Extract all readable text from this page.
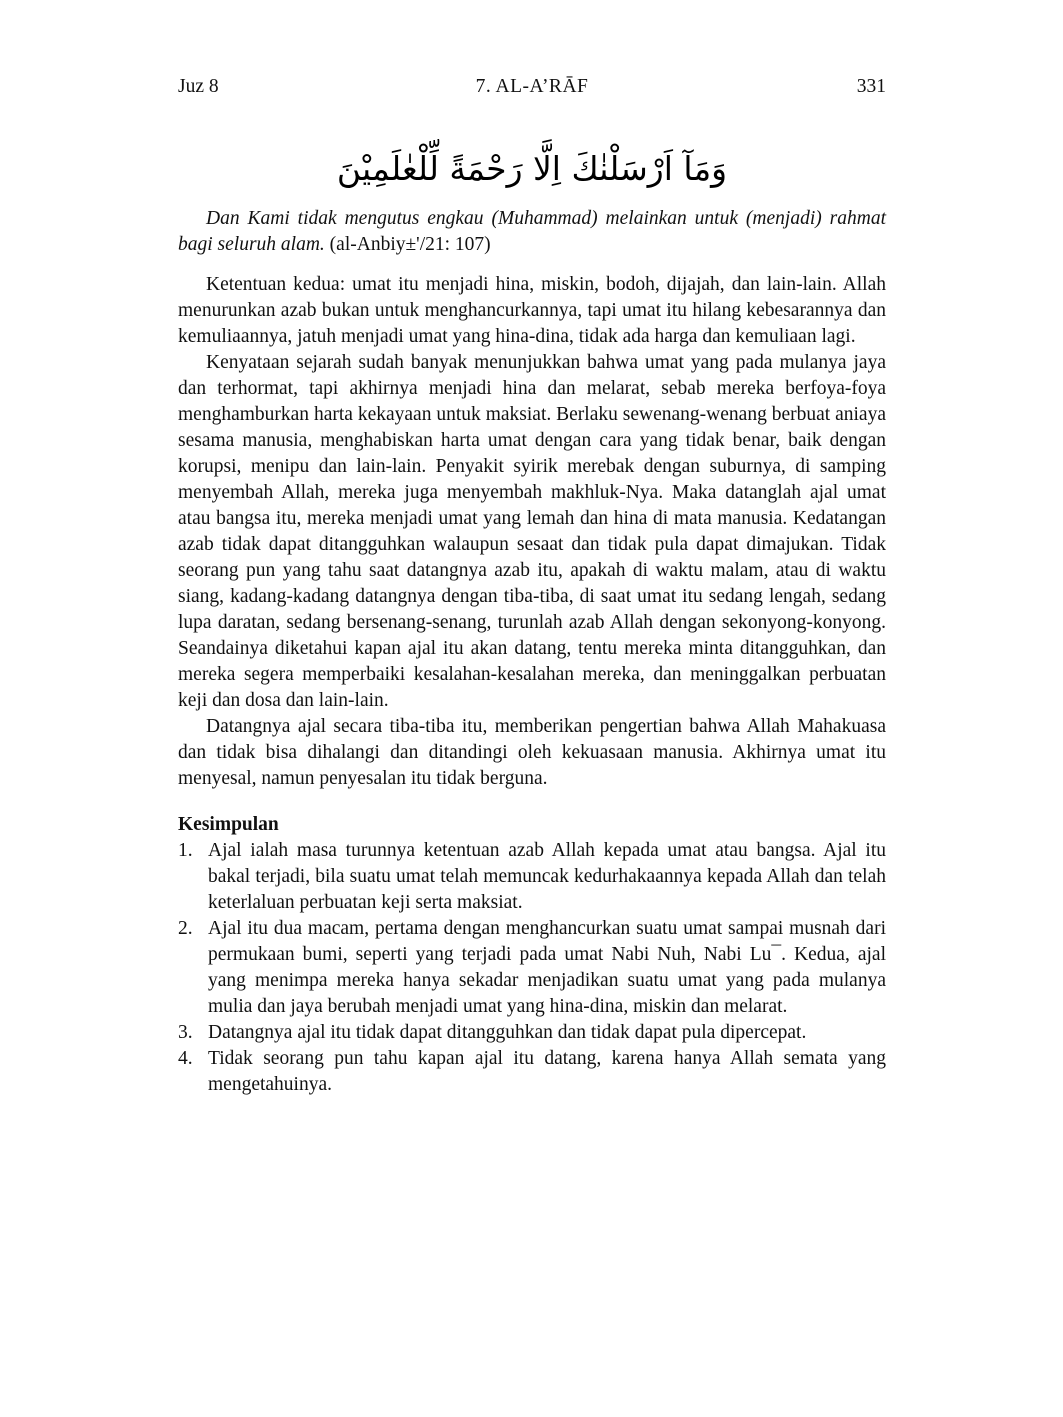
Juz 8	7. AL-A’RĀF	331
وَمَآ اَرْسَلْنٰكَ اِلَّا رَحْمَةً لِّلْعٰلَمِيْنَ

Dan Kami tidak mengutus engkau (Muhammad) melainkan untuk (menjadi) rahmat bagi seluruh alam. (al-Anbiy±'/21: 107)

Ketentuan kedua: umat itu menjadi hina, miskin, bodoh, dijajah, dan lain-lain. Allah menurunkan azab bukan untuk menghancurkannya, tapi umat itu hilang kebesarannya dan kemuliaannya, jatuh menjadi umat yang hina-dina, tidak ada harga dan kemuliaan lagi.

Kenyataan sejarah sudah banyak menunjukkan bahwa umat yang pada mulanya jaya dan terhormat, tapi akhirnya menjadi hina dan melarat, sebab mereka berfoya-foya menghamburkan harta kekayaan untuk maksiat. Berlaku sewenang-wenang berbuat aniaya sesama manusia, menghabiskan harta umat dengan cara yang tidak benar, baik dengan korupsi, menipu dan lain-lain. Penyakit syirik merebak dengan suburnya, di samping menyembah Allah, mereka juga menyembah makhluk-Nya. Maka datanglah ajal umat atau bangsa itu, mereka menjadi umat yang lemah dan hina di mata manusia. Kedatangan azab tidak dapat ditangguhkan walaupun sesaat dan tidak pula dapat dimajukan. Tidak seorang pun yang tahu saat datangnya azab itu, apakah di waktu malam, atau di waktu siang, kadang-kadang datangnya dengan tiba-tiba, di saat umat itu sedang lengah, sedang lupa daratan, sedang bersenang-senang, turunlah azab Allah dengan sekonyong-konyong. Seandainya diketahui kapan ajal itu akan datang, tentu mereka minta ditangguhkan, dan mereka segera memperbaiki kesalahan-kesalahan mereka, dan meninggalkan perbuatan keji dan dosa dan lain-lain.

Datangnya ajal secara tiba-tiba itu, memberikan pengertian bahwa Allah Mahakuasa dan tidak bisa dihalangi dan ditandingi oleh kekuasaan manusia. Akhirnya umat itu menyesal, namun penyesalan itu tidak berguna.

Kesimpulan
1. Ajal ialah masa turunnya ketentuan azab Allah kepada umat atau bangsa. Ajal itu bakal terjadi, bila suatu umat telah memuncak kedurhakaannya kepada Allah dan telah keterlaluan perbuatan keji serta maksiat.
2. Ajal itu dua macam, pertama dengan menghancurkan suatu umat sampai musnah dari permukaan bumi, seperti yang terjadi pada umat Nabi Nuh, Nabi Lu¯. Kedua, ajal yang menimpa mereka hanya sekadar menjadikan suatu umat yang pada mulanya mulia dan jaya berubah menjadi umat yang hina-dina, miskin dan melarat.
3. Datangnya ajal itu tidak dapat ditangguhkan dan tidak dapat pula dipercepat.
4. Tidak seorang pun tahu kapan ajal itu datang, karena hanya Allah semata yang mengetahuinya.
